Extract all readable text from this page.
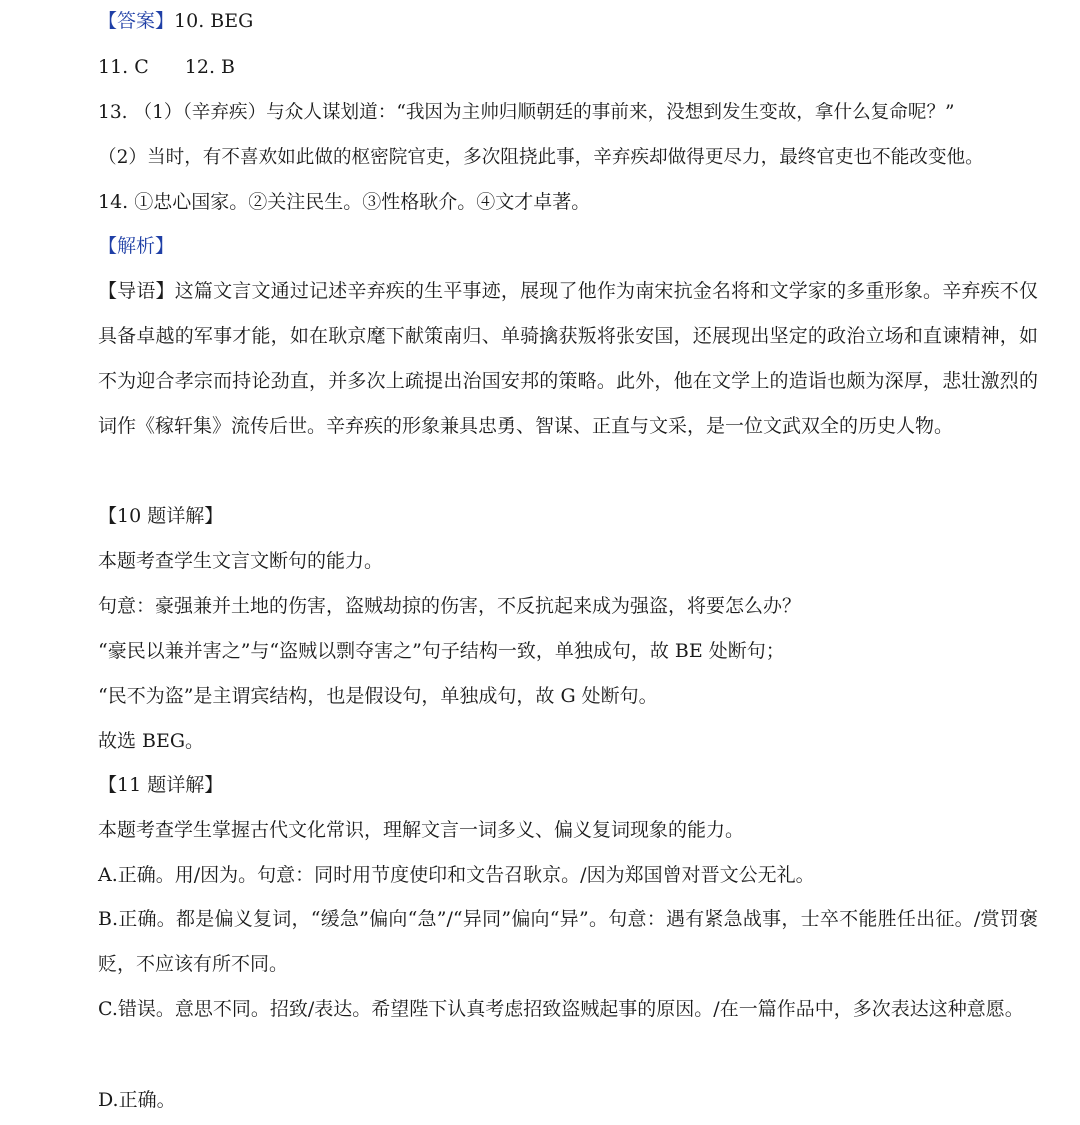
【答案】10. BEG

11. C 12. B

13. （1）（辛弃疾）与众人谋划道：“我因为主帅归顺朝廷的事前来，没想到发生变故，拿什么复命呢？”

（2）当时，有不喜欢如此做的枢密院官吏，多次阻挠此事，辛弃疾却做得更尽力，最终官吏也不能改变他。

14. ①忠心国家。②关注民生。③性格耿介。④文才卓著。

【解析】

【导语】这篇文言文通过记述辛弃疾的生平事迹，展现了他作为南宋抗金名将和文学家的多重形象。辛弃疾不仅具备卓越的军事才能，如在耿京麾下献策南归、单骑擒获叛将张安国，还展现出坚定的政治立场和直谏精神，如不为迎合孝宗而持论劲直，并多次上疏提出治国安邦的策略。此外，他在文学上的造诣也颇为深厚，悲壮激烈的词作《稼轩集》流传后世。辛弃疾的形象兼具忠勇、智谋、正直与文采，是一位文武双全的历史人物。

【10 题详解】

本题考查学生文言文断句的能力。

句意：豪强兼并土地的伤害，盗贼劫掠的伤害，不反抗起来成为强盗，将要怎么办？

“豪民以兼并害之”与“盗贼以剽夺害之”句子结构一致，单独成句，故 BE 处断句；

“民不为盗”是主谓宾结构，也是假设句，单独成句，故 G 处断句。

故选 BEG。

【11 题详解】

本题考查学生掌握古代文化常识，理解文言一词多义、偏义复词现象的能力。

A.正确。用/因为。句意：同时用节度使印和文告召耿京。/因为郑国曾对晋文公无礼。

B.正确。都是偏义复词，“缓急”偏向“急”/“异同”偏向“异”。句意：遇有紧急战事，士卒不能胜任出征。/赏罚褒贬，不应该有所不同。

C.错误。意思不同。招致/表达。希望陛下认真考虑招致盗贼起事的原因。/在一篇作品中，多次表达这种意愿。

D.正确。
